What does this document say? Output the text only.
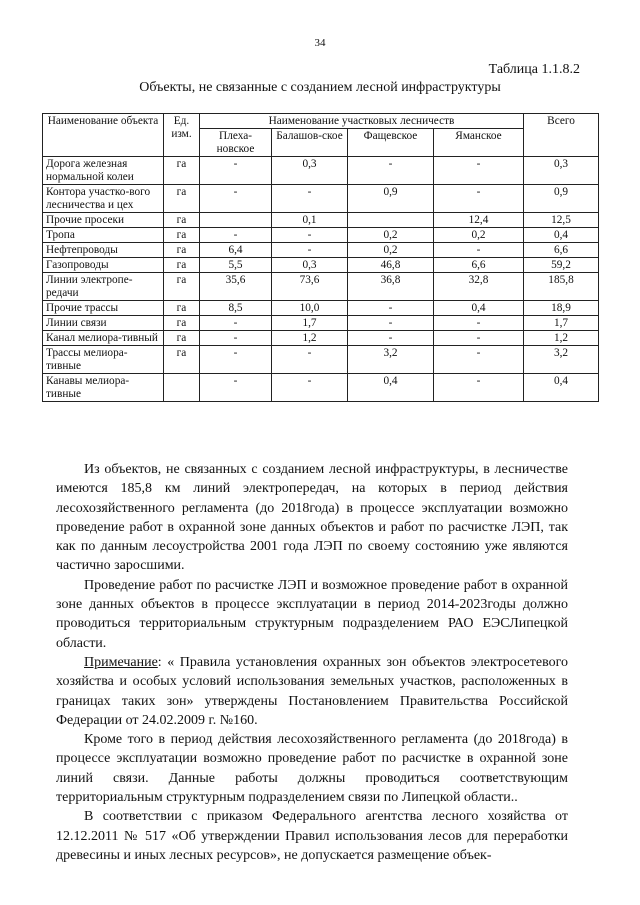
34
Таблица 1.1.8.2
Объекты, не связанные с созданием лесной инфраструктуры
Наименование объекта	Ед. изм.	Наименование участковых лесничеств				Всего
		Плеха-новское	Балашов-ское	Фащевское	Яманское	
Дорога железная нормальной колеи	га	-	0,3	-	-	0,3
Контора участко-вого лесничества и цех	га	-	-	0,9	-	0,9
Прочие просеки	га		0,1		12,4	12,5
Тропа	га	-	-	0,2	0,2	0,4
Нефтепроводы	га	6,4	-	0,2	-	6,6
Газопроводы	га	5,5	0,3	46,8	6,6	59,2
Линии электропе-редачи	га	35,6	73,6	36,8	32,8	185,8
Прочие трассы	га	8,5	10,0	-	0,4	18,9
Линии связи	га	-	1,7	-	-	1,7
Канал мелиора-тивный	га	-	1,2	-	-	1,2
Трассы мелиора-тивные	га	-	-	3,2	-	3,2
Канавы мелиора-тивные		-	-	0,4	-	0,4

Из объектов, не связанных с созданием лесной инфраструктуры, в лесничестве имеются 185,8 км линий электропередач, на которых в период действия лесохозяйственного регламента (до 2018года) в процессе эксплуатации возможно проведение работ в охранной зоне данных объектов и работ по расчистке ЛЭП, так как по данным лесоустройства 2001 года ЛЭП по своему состоянию уже являются частично заросшими.

Проведение работ по расчистке ЛЭП и возможное проведение работ в охранной зоне данных объектов в процессе эксплуатации в период 2014-2023годы должно проводиться территориальным структурным подразделением РАО ЕЭСЛипецкой области.

Примечание: « Правила установления охранных зон объектов электросетевого хозяйства и особых условий использования земельных участков, расположенных в границах таких зон» утверждены Постановлением Правительства Российской Федерации от 24.02.2009 г. №160.

Кроме того в период действия лесохозяйственного регламента (до 2018года) в процессе эксплуатации возможно проведение работ по расчистке в охранной зоне линий связи. Данные работы должны проводиться соответствующим территориальным структурным подразделением связи по Липецкой области..

В соответствии с приказом Федерального агентства лесного хозяйства от 12.12.2011 № 517 «Об утверждении Правил использования лесов для переработки древесины и иных лесных ресурсов», не допускается размещение объек-
